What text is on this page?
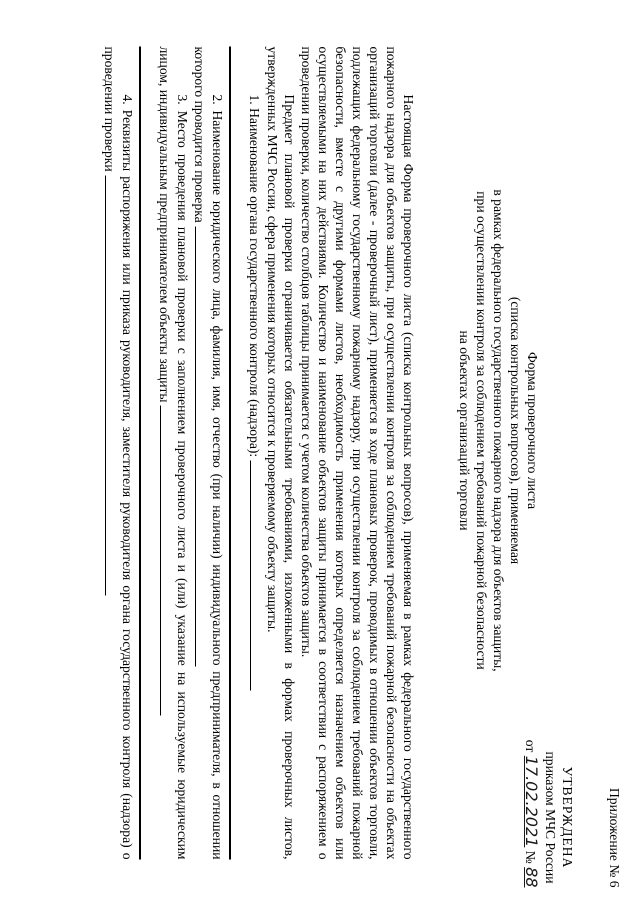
Приложение № 6
УТВЕРЖДЕНА
приказом МЧС России
от 17.02.2021 № 88
Форма проверочного листа
(списка контрольных вопросов), применяемая
в рамках федерального государственного пожарного надзора для объектов защиты,
при осуществлении контроля за соблюдением требований пожарной безопасности
на объектах организаций торговли

Настоящая Форма проверочного листа (списка контрольных вопросов), применяемая в рамках федерального государственного пожарного надзора для объектов защиты, при осуществлении контроля за соблюдением требований пожарной безопасности на объектах организаций торговли (далее - проверочный лист), применяется в ходе плановых проверок, проводимых в отношении объектов торговли, подлежащих федеральному государственному пожарному надзору, при осуществлении контроля за соблюдением требований пожарной безопасности, вместе с другими формами листов, необходимость применения которых определяется назначением объектов или осуществляемыми на них действиями. Количество и наименование объектов защиты принимается в соответствии с распоряжением о проведении проверки, количество столбцов таблицы принимается с учетом количества объектов защиты.

Предмет плановой проверки ограничивается обязательными требованиями, изложенными в формах проверочных листов, утвержденных МЧС России, сфера применения которых относится к проверяемому объекту защиты.

1. Наименование органа государственного контроля (надзора):

2. Наименование юридического лица, фамилия, имя, отчество (при наличии) индивидуального предпринимателя, в отношении которого проводится проверка

3. Место проведения плановой проверки с заполнением проверочного листа и (или) указание на используемые юридическим лицом, индивидуальным предпринимателем объекты защиты

4. Реквизиты распоряжения или приказа руководителя, заместителя руководителя органа государственного контроля (надзора) о проведении проверки
